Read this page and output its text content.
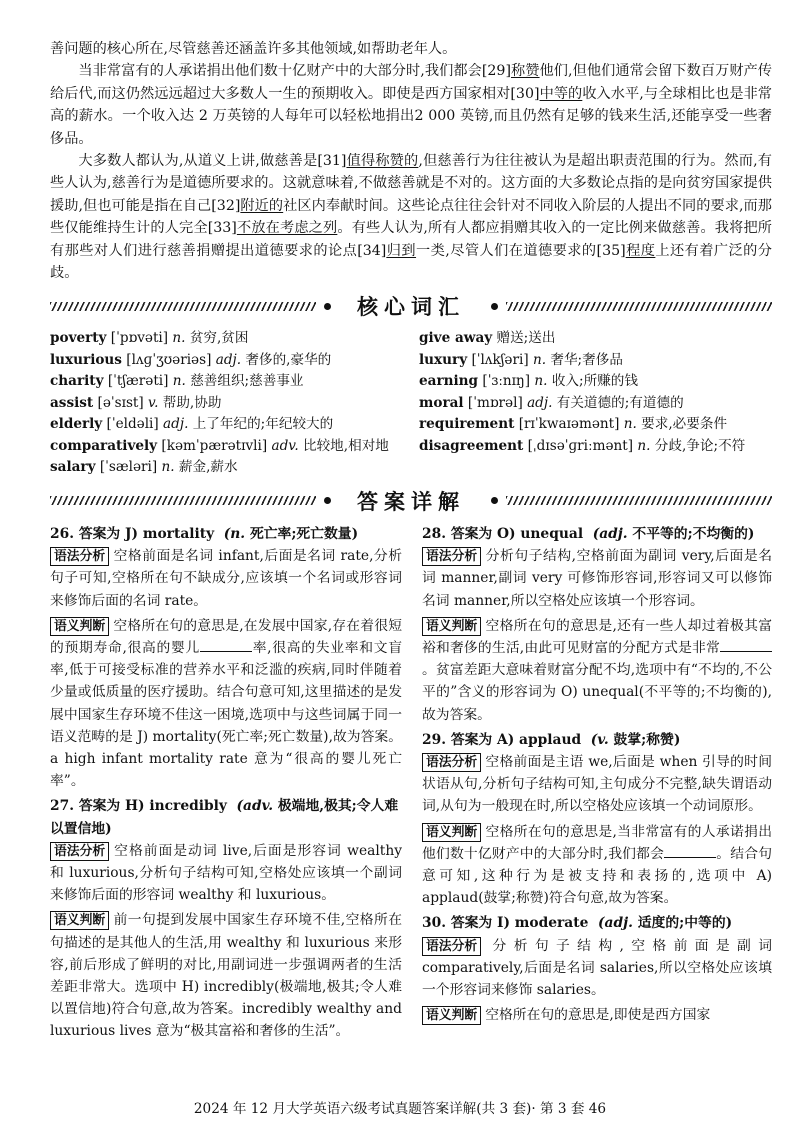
善问题的核心所在,尽管慈善还涵盖许多其他领域,如帮助老年人。

当非常富有的人承诺捐出他们数十亿财产中的大部分时,我们都会[29]称赞他们,但他们通常会留下数百万财产传给后代,而这仍然远远超过大多数人一生的预期收入。即使是西方国家相对[30]中等的收入水平,与全球相比也是非常高的薪水。一个收入达 2 万英镑的人每年可以轻松地捐出2 000 英镑,而且仍然有足够的钱来生活,还能享受一些奢侈品。

大多数人都认为,从道义上讲,做慈善是[31]值得称赞的,但慈善行为往往被认为是超出职责范围的行为。然而,有些人认为,慈善行为是道德所要求的。这就意味着,不做慈善就是不对的。这方面的大多数论点指的是向贫穷国家提供援助,但也可能是指在自己[32]附近的社区内奉献时间。这些论点往往会针对不同收入阶层的人提出不同的要求,而那些仅能维持生计的人完全[33]不放在考虑之列。有些人认为,所有人都应捐赠其收入的一定比例来做慈善。我将把所有那些对人们进行慈善捐赠提出道德要求的论点[34]归到一类,尽管人们在道德要求的[35]程度上还有着广泛的分歧。

核心词汇
poverty [ˈpɒvəti] n. 贫穷,贫困
luxurious [lʌɡˈʒʊəriəs] adj. 奢侈的,豪华的
charity [ˈtʃærəti] n. 慈善组织;慈善事业
assist [əˈsɪst] v. 帮助,协助
elderly [ˈeldəli] adj. 上了年纪的;年纪较大的
comparatively [kəmˈpærətɪvli] adv. 比较地,相对地
salary [ˈsæləri] n. 薪金,薪水
give away 赠送;送出
luxury [ˈlʌkʃəri] n. 奢华;奢侈品
earning [ˈɜːnɪŋ] n. 收入;所赚的钱
moral [ˈmɒrəl] adj. 有关道德的;有道德的
requirement [rɪˈkwaɪəmənt] n. 要求,必要条件
disagreement [ˌdɪsəˈɡriːmənt] n. 分歧,争论;不符
答案详解

26. 答案为 J) mortality (n. 死亡率;死亡数量)

语法分析 空格前面是名词 infant,后面是名词 rate,分析句子可知,空格所在句不缺成分,应该填一个名词或形容词来修饰后面的名词 rate。

语义判断 空格所在句的意思是,在发展中国家,存在着很短的预期寿命,很高的婴儿	率,很高的失业率和文盲率,低于可接受标准的营养水平和泛滥的疾病,同时伴随着少量或低质量的医疗援助。结合句意可知,这里描述的是发展中国家生存环境不佳这一困境,选项中与这些词属于同一语义范畴的是 J) mortality(死亡率;死亡数量),故为答案。a high infant mortality rate 意为“很高的婴儿死亡率”。

27. 答案为 H) incredibly (adv. 极端地,极其;令人难以置信地)

语法分析 空格前面是动词 live,后面是形容词 wealthy 和 luxurious,分析句子结构可知,空格处应该填一个副词来修饰后面的形容词 wealthy 和 luxurious。

语义判断 前一句提到发展中国家生存环境不佳,空格所在句描述的是其他人的生活,用 wealthy 和 luxurious 来形容,前后形成了鲜明的对比,用副词进一步强调两者的生活差距非常大。选项中 H) incredibly(极端地,极其;令人难以置信地)符合句意,故为答案。incredibly wealthy and luxurious lives 意为“极其富裕和奢侈的生活”。

28. 答案为 O) unequal (adj. 不平等的;不均衡的)

语法分析 分析句子结构,空格前面为副词 very,后面是名词 manner,副词 very 可修饰形容词,形容词又可以修饰名词 manner,所以空格处应该填一个形容词。

语义判断 空格所在句的意思是,还有一些人却过着极其富裕和奢侈的生活,由此可见财富的分配方式是非常。贫富差距大意味着财富分配不均,选项中有“不均的,不公平的”含义的形容词为 O) unequal(不平等的;不均衡的),故为答案。

29. 答案为 A) applaud (v. 鼓掌;称赞)

语法分析 空格前面是主语 we,后面是 when 引导的时间状语从句,分析句子结构可知,主句成分不完整,缺失谓语动词,从句为一般现在时,所以空格处应该填一个动词原形。

语义判断 空格所在句的意思是,当非常富有的人承诺捐出他们数十亿财产中的大部分时,我们都会	。结合句意可知,这种行为是被支持和表扬的,选项中 A) applaud(鼓掌;称赞)符合句意,故为答案。

30. 答案为 I) moderate (adj. 适度的;中等的)

语法分析 分析句子结构,空格前面是副词 comparatively,后面是名词 salaries,所以空格处应该填一个形容词来修饰 salaries。

语义判断 空格所在句的意思是,即使是西方国家

2024 年 12 月大学英语六级考试真题答案详解(共 3 套)· 第 3 套 46
